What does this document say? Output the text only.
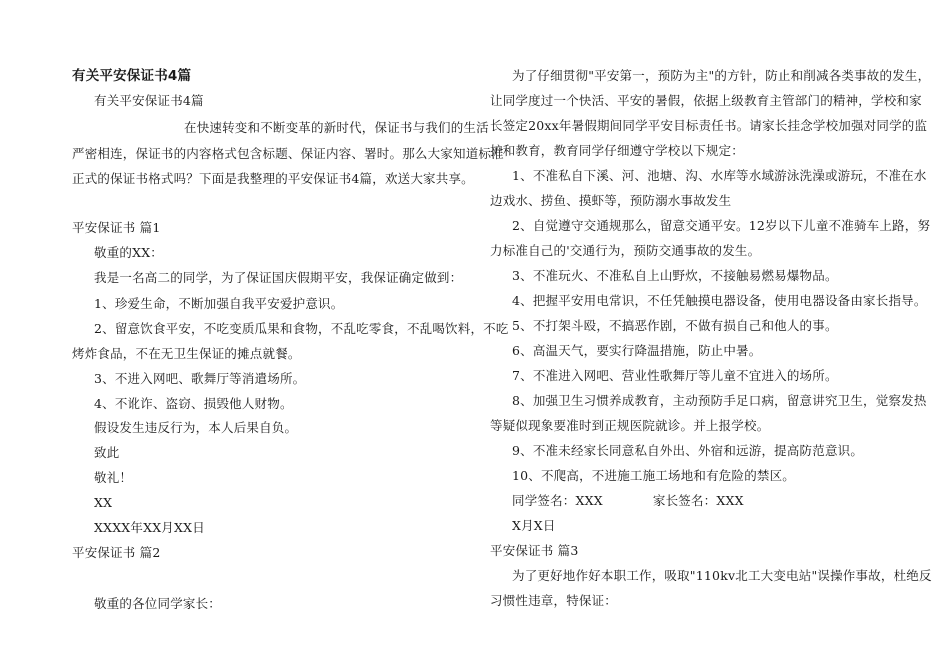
有关平安保证书4篇
有关平安保证书4篇
在快速转变和不断变革的新时代，保证书与我们的生活
严密相连，保证书的内容格式包含标题、保证内容、署时。那么大家知道标准
正式的保证书格式吗？下面是我整理的平安保证书4篇，欢送大家共享。
平安保证书 篇1
敬重的XX：
我是一名高二的同学，为了保证国庆假期平安，我保证确定做到：
1、珍爱生命，不断加强自我平安爱护意识。
2、留意饮食平安，不吃变质瓜果和食物，不乱吃零食，不乱喝饮料，不吃
烤炸食品，不在无卫生保证的摊点就餐。
3、不进入网吧、歌舞厅等消遣场所。
4、不讹诈、盗窃、损毁他人财物。
假设发生违反行为，本人后果自负。
致此
敬礼！
XX
XXXX年XX月XX日
平安保证书 篇2
敬重的各位同学家长：
为了仔细贯彻"平安第一，预防为主"的方针，防止和削减各类事故的发生，
让同学度过一个快活、平安的暑假，依据上级教育主管部门的精神，学校和家
长签定20xx年暑假期间同学平安目标责任书。请家长挂念学校加强对同学的监
护和教育，教育同学仔细遵守学校以下规定：
1、不准私自下溪、河、池塘、沟、水库等水域游泳洗澡或游玩，不准在水
边戏水、捞鱼、摸虾等，预防溺水事故发生
2、自觉遵守交通规那么，留意交通平安。12岁以下儿童不准骑车上路，努
力标准自己的'交通行为，预防交通事故的发生。
3、不准玩火、不准私自上山野炊，不接触易燃易爆物品。
4、把握平安用电常识，不任凭触摸电器设备，使用电器设备由家长指导。
5、不打架斗殴，不搞恶作剧，不做有损自己和他人的事。
6、高温天气，要实行降温措施，防止中暑。
7、不准进入网吧、营业性歌舞厅等儿童不宜进入的场所。
8、加强卫生习惯养成教育，主动预防手足口病，留意讲究卫生，觉察发热
等疑似现象要准时到正规医院就诊。并上报学校。
9、不准未经家长同意私自外出、外宿和远游，提高防范意识。
10、不爬高，不进施工施工场地和有危险的禁区。
同学签名：XXX            家长签名：XXX
X月X日
平安保证书 篇3
为了更好地作好本职工作，吸取"110kv北工大变电站"误操作事故，杜绝反
习惯性违章，特保证：
